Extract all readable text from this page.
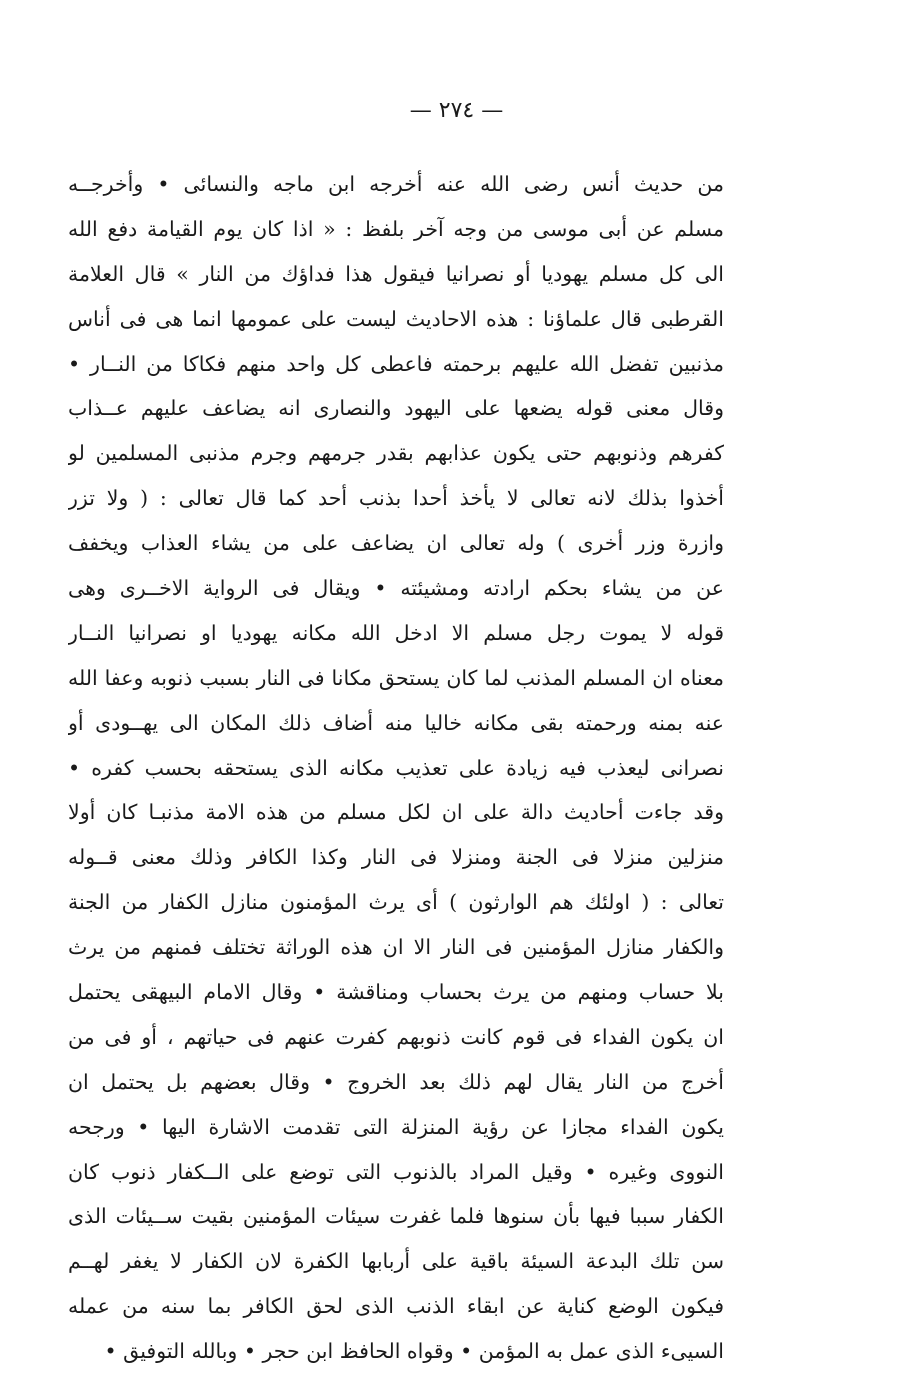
— ٢٧٤ —
من حديث أنس رضى الله عنه أخرجه ابن ماجه والنسائى • وأخرجــه
مسلم عن أبى موسى من وجه آخر بلفظ : « اذا كان يوم القيامة دفع الله
الى كل مسلم يهوديا أو نصرانيا فيقول هذا فداؤك من النار » قال العلامة
القرطبى قال علماؤنا : هذه الاحاديث ليست على عمومها انما هى فى أناس
مذنبين تفضل الله عليهم برحمته فاعطى كل واحد منهم فكاكا من النــار •
وقال معنى قوله يضعها على اليهود والنصارى انه يضاعف عليهم عــذاب
كفرهم وذنوبهم حتى يكون عذابهم بقدر جرمهم وجرم مذنبى المسلمين لو
أخذوا بذلك لانه تعالى لا يأخذ أحدا بذنب أحد كما قال تعالى : ( ولا تزر
وازرة وزر أخرى ) وله تعالى ان يضاعف على من يشاء العذاب ويخفف
عن من يشاء بحكم ارادته ومشيئته • ويقال فى الرواية الاخــرى وهى
قوله لا يموت رجل مسلم الا ادخل الله مكانه يهوديا او نصرانيا النــار
معناه ان المسلم المذنب لما كان يستحق مكانا فى النار بسبب ذنوبه وعفا الله
عنه بمنه ورحمته بقى مكانه خاليا منه أضاف ذلك المكان الى يهــودى أو
نصرانى ليعذب فيه زيادة على تعذيب مكانه الذى يستحقه بحسب كفره •
وقد جاءت أحاديث دالة على ان لكل مسلم من هذه الامة مذنبـا كان أولا
منزلين منزلا فى الجنة ومنزلا فى النار وكذا الكافر وذلك معنى قــوله
تعالى : ( اولئك هم الوارثون ) أى يرث المؤمنون منازل الكفار من الجنة
والكفار منازل المؤمنين فى النار الا ان هذه الوراثة تختلف فمنهم من يرث
بلا حساب ومنهم من يرث بحساب ومناقشة • وقال الامام البيهقى يحتمل
ان يكون الفداء فى قوم كانت ذنوبهم كفرت عنهم فى حياتهم ، أو فى من
أخرج من النار يقال لهم ذلك بعد الخروج • وقال بعضهم بل يحتمل ان
يكون الفداء مجازا عن رؤية المنزلة التى تقدمت الاشارة اليها • ورجحه
النووى وغيره • وقيل المراد بالذنوب التى توضع على الــكفار ذنوب كان
الكفار سببا فيها بأن سنوها فلما غفرت سيئات المؤمنين بقيت ســيئات الذى
سن تلك البدعة السيئة باقية على أربابها الكفرة لان الكفار لا يغفر لهــم
فيكون الوضع كناية عن ابقاء الذنب الذى لحق الكافر بما سنه من عمله
السيىء الذى عمل به المؤمن • وقواه الحافظ ابن حجر • وبالله التوفيق •
